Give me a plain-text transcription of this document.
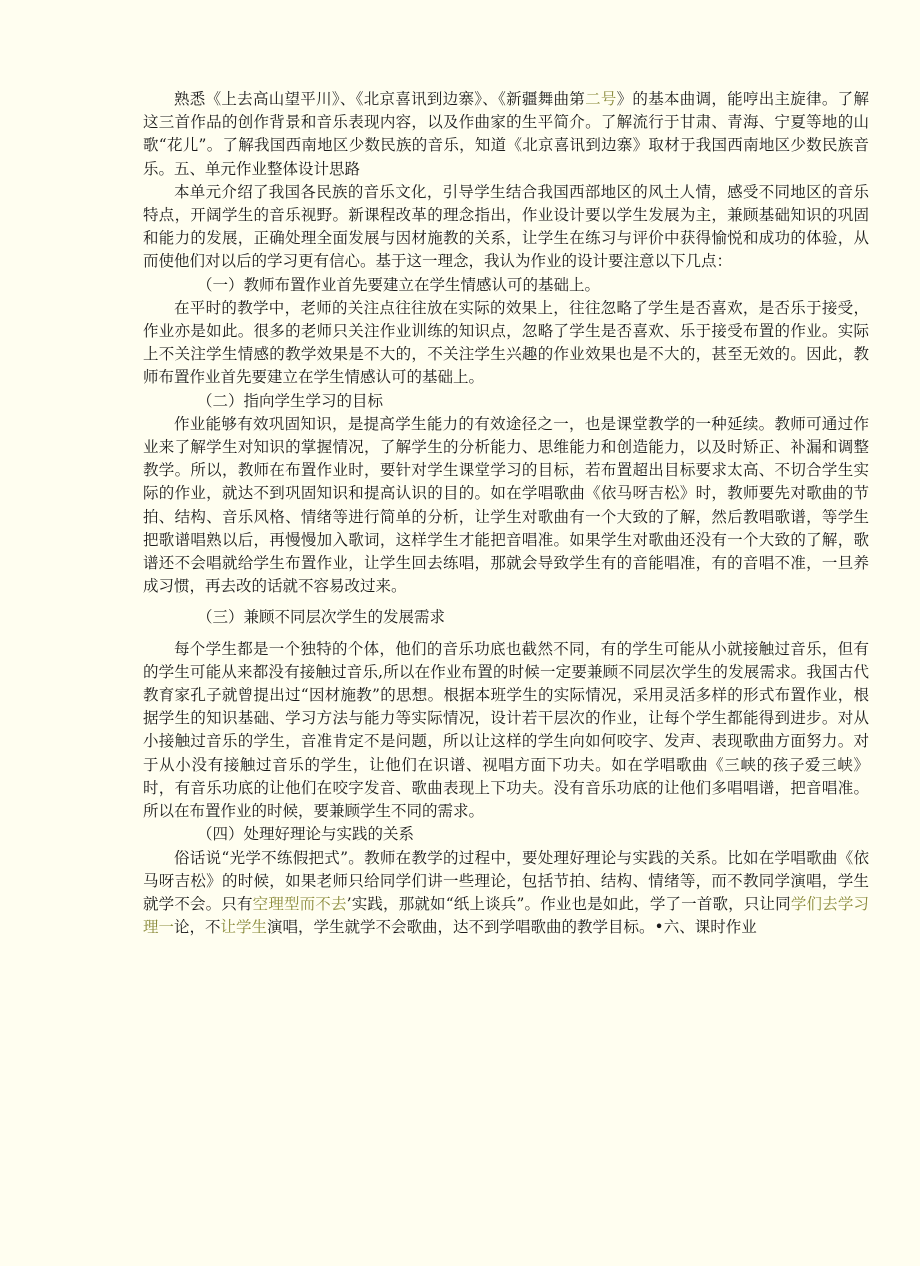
熟悉《上去高山望平川》、《北京喜讯到边寨》、《新疆舞曲第二号》的基本曲调，能哼出主旋律。了解这三首作品的创作背景和音乐表现内容，以及作曲家的生平简介。了解流行于甘肃、青海、宁夏等地的山歌“花儿”。了解我国西南地区少数民族的音乐，知道《北京喜讯到边寨》取材于我国西南地区少数民族音乐。五、单元作业整体设计思路

本单元介绍了我国各民族的音乐文化，引导学生结合我国西部地区的风土人情，感受不同地区的音乐特点，开阔学生的音乐视野。新课程改革的理念指出，作业设计要以学生发展为主，兼顾基础知识的巩固和能力的发展，正确处理全面发展与因材施教的关系，让学生在练习与评价中获得愉悦和成功的体验，从而使他们对以后的学习更有信心。基于这一理念，我认为作业的设计要注意以下几点：

（一）教师布置作业首先要建立在学生情感认可的基础上。

在平时的教学中，老师的关注点往往放在实际的效果上，往往忽略了学生是否喜欢，是否乐于接受，作业亦是如此。很多的老师只关注作业训练的知识点，忽略了学生是否喜欢、乐于接受布置的作业。实际上不关注学生情感的教学效果是不大的，不关注学生兴趣的作业效果也是不大的，甚至无效的。因此，教师布置作业首先要建立在学生情感认可的基础上。

（二）指向学生学习的目标

作业能够有效巩固知识，是提高学生能力的有效途径之一，也是课堂教学的一种延续。教师可通过作业来了解学生对知识的掌握情况，了解学生的分析能力、思维能力和创造能力，以及时矫正、补漏和调整教学。所以，教师在布置作业时，要针对学生课堂学习的目标，若布置超出目标要求太高、不切合学生实际的作业，就达不到巩固知识和提高认识的目的。如在学唱歌曲《依马呀吉松》时，教师要先对歌曲的节拍、结构、音乐风格、情绪等进行简单的分析，让学生对歌曲有一个大致的了解，然后教唱歌谱，等学生把歌谱唱熟以后，再慢慢加入歌词，这样学生才能把音唱准。如果学生对歌曲还没有一个大致的了解，歌谱还不会唱就给学生布置作业，让学生回去练唱，那就会导致学生有的音能唱准，有的音唱不准，一旦养成习惯，再去改的话就不容易改过来。

（三）兼顾不同层次学生的发展需求

每个学生都是一个独特的个体，他们的音乐功底也截然不同，有的学生可能从小就接触过音乐，但有的学生可能从来都没有接触过音乐,所以在作业布置的时候一定要兼顾不同层次学生的发展需求。我国古代教育家孔子就曾提出过“因材施教”的思想。根据本班学生的实际情况，采用灵活多样的形式布置作业，根据学生的知识基础、学习方法与能力等实际情况，设计若干层次的作业，让每个学生都能得到进步。对从小接触过音乐的学生，音准肯定不是问题，所以让这样的学生向如何咬字、发声、表现歌曲方面努力。对于从小没有接触过音乐的学生，让他们在识谱、视唱方面下功夫。如在学唱歌曲《三峡的孩子爱三峡》时，有音乐功底的让他们在咬字发音、歌曲表现上下功夫。没有音乐功底的让他们多唱唱谱，把音唱准。所以在布置作业的时候，要兼顾学生不同的需求。

（四）处理好理论与实践的关系

俗话说“光学不练假把式”。教师在教学的过程中，要处理好理论与实践的关系。比如在学唱歌曲《依马呀吉松》的时候，如果老师只给同学们讲一些理论，包括节拍、结构、情绪等，而不教同学演唱，学生就学不会。只有空理型而不去’实践，那就如“纸上谈兵”。作业也是如此，学了一首歌，只让同学们去学习理一论，不让学生演唱，学生就学不会歌曲，达不到学唱歌曲的教学目标。•六、课时作业
